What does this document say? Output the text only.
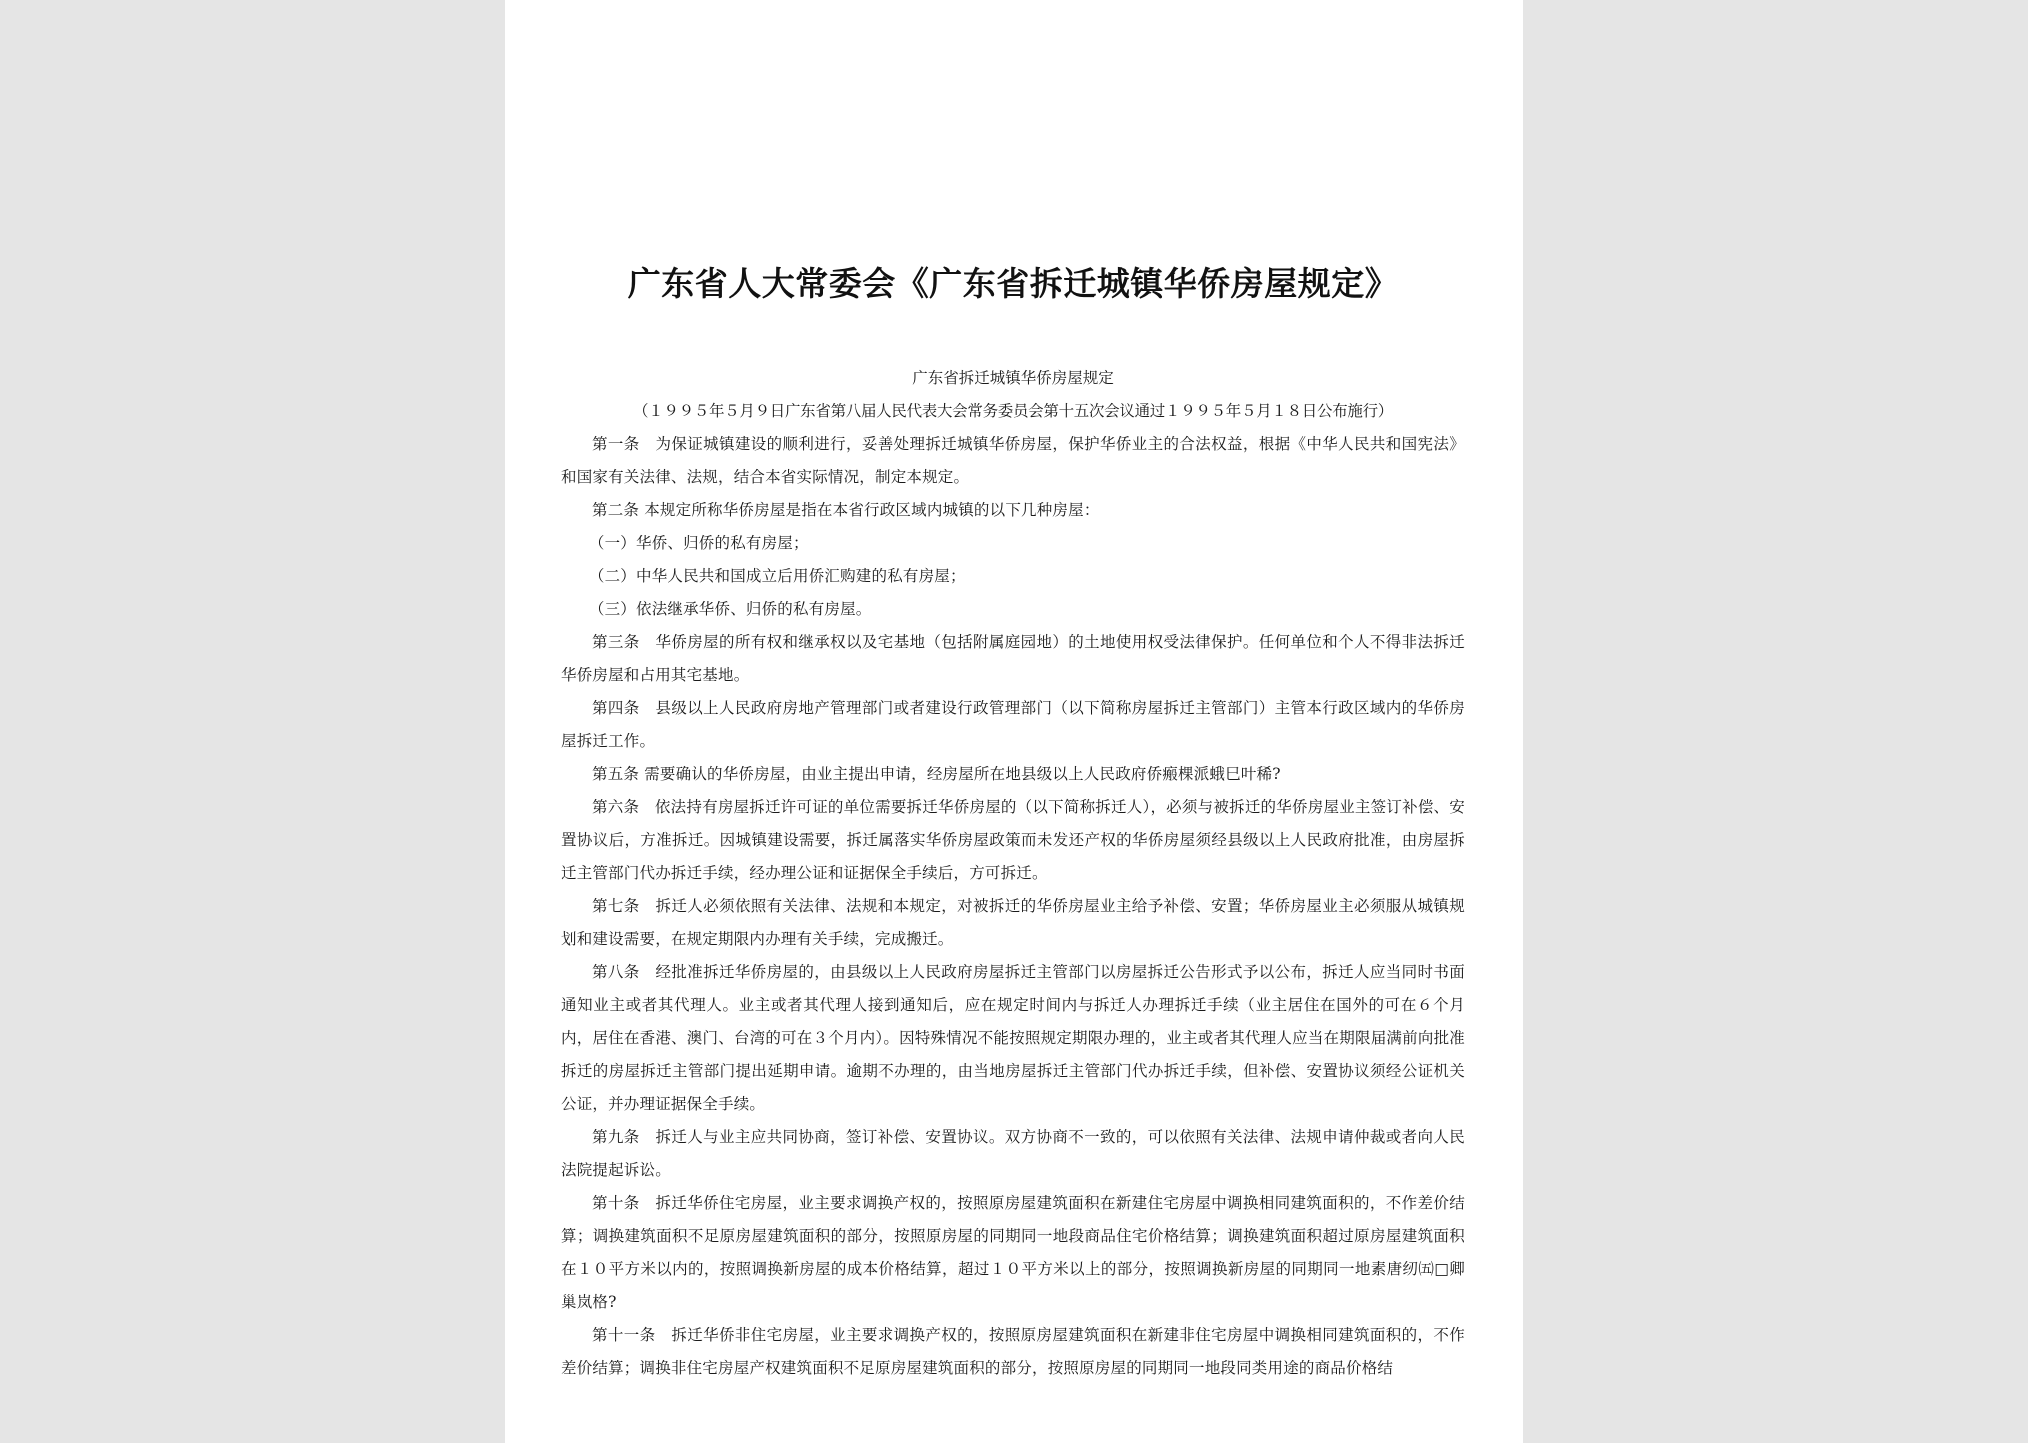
广东省人大常委会《广东省拆迁城镇华侨房屋规定》

广东省拆迁城镇华侨房屋规定

（１９９５年５月９日广东省第八届人民代表大会常务委员会第十五次会议通过１９９５年５月１８日公布施行）

第一条　为保证城镇建设的顺利进行，妥善处理拆迁城镇华侨房屋，保护华侨业主的合法权益，根据《中华人民共和国宪法》和国家有关法律、法规，结合本省实际情况，制定本规定。

第二条 本规定所称华侨房屋是指在本省行政区域内城镇的以下几种房屋：

（一）华侨、归侨的私有房屋；

（二）中华人民共和国成立后用侨汇购建的私有房屋；

（三）依法继承华侨、归侨的私有房屋。

第三条　华侨房屋的所有权和继承权以及宅基地（包括附属庭园地）的土地使用权受法律保护。任何单位和个人不得非法拆迁华侨房屋和占用其宅基地。

第四条　县级以上人民政府房地产管理部门或者建设行政管理部门（以下简称房屋拆迁主管部门）主管本行政区域内的华侨房屋拆迁工作。

第五条 需要确认的华侨房屋，由业主提出申请，经房屋所在地县级以上人民政府侨瘢棵派蛾巳叶稀?

第六条　依法持有房屋拆迁许可证的单位需要拆迁华侨房屋的（以下简称拆迁人），必须与被拆迁的华侨房屋业主签订补偿、安置协议后，方准拆迁。因城镇建设需要，拆迁属落实华侨房屋政策而未发还产权的华侨房屋须经县级以上人民政府批准，由房屋拆迁主管部门代办拆迁手续，经办理公证和证据保全手续后，方可拆迁。

第七条　拆迁人必须依照有关法律、法规和本规定，对被拆迁的华侨房屋业主给予补偿、安置；华侨房屋业主必须服从城镇规划和建设需要，在规定期限内办理有关手续，完成搬迁。

第八条　经批准拆迁华侨房屋的，由县级以上人民政府房屋拆迁主管部门以房屋拆迁公告形式予以公布，拆迁人应当同时书面通知业主或者其代理人。业主或者其代理人接到通知后，应在规定时间内与拆迁人办理拆迁手续（业主居住在国外的可在６个月内，居住在香港、澳门、台湾的可在３个月内）。因特殊情况不能按照规定期限办理的，业主或者其代理人应当在期限届满前向批准拆迁的房屋拆迁主管部门提出延期申请。逾期不办理的，由当地房屋拆迁主管部门代办拆迁手续，但补偿、安置协议须经公证机关公证，并办理证据保全手续。

第九条　拆迁人与业主应共同协商，签订补偿、安置协议。双方协商不一致的，可以依照有关法律、法规申请仲裁或者向人民法院提起诉讼。

第十条　拆迁华侨住宅房屋，业主要求调换产权的，按照原房屋建筑面积在新建住宅房屋中调换相同建筑面积的，不作差价结算；调换建筑面积不足原房屋建筑面积的部分，按照原房屋的同期同一地段商品住宅价格结算；调换建筑面积超过原房屋建筑面积在１０平方米以内的，按照调换新房屋的成本价格结算，超过１０平方米以上的部分，按照调换新房屋的同期同一地素唐纫㈤□卿巢岚格?

第十一条　拆迁华侨非住宅房屋，业主要求调换产权的，按照原房屋建筑面积在新建非住宅房屋中调换相同建筑面积的，不作差价结算；调换非住宅房屋产权建筑面积不足原房屋建筑面积的部分，按照原房屋的同期同一地段同类用途的商品价格结
